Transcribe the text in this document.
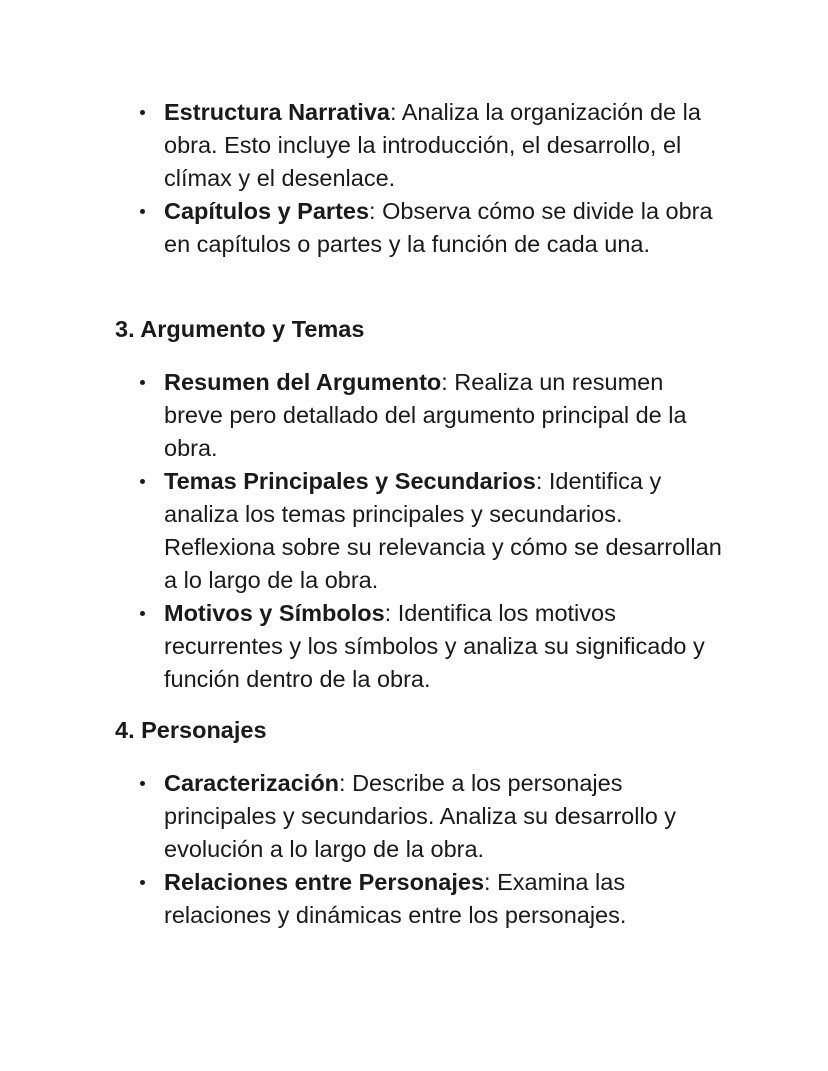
Estructura Narrativa: Analiza la organización de la obra. Esto incluye la introducción, el desarrollo, el clímax y el desenlace.
Capítulos y Partes: Observa cómo se divide la obra en capítulos o partes y la función de cada una.
3. Argumento y Temas
Resumen del Argumento: Realiza un resumen breve pero detallado del argumento principal de la obra.
Temas Principales y Secundarios: Identifica y analiza los temas principales y secundarios. Reflexiona sobre su relevancia y cómo se desarrollan a lo largo de la obra.
Motivos y Símbolos: Identifica los motivos recurrentes y los símbolos y analiza su significado y función dentro de la obra.
4. Personajes
Caracterización: Describe a los personajes principales y secundarios. Analiza su desarrollo y evolución a lo largo de la obra.
Relaciones entre Personajes: Examina las relaciones y dinámicas entre los personajes.
